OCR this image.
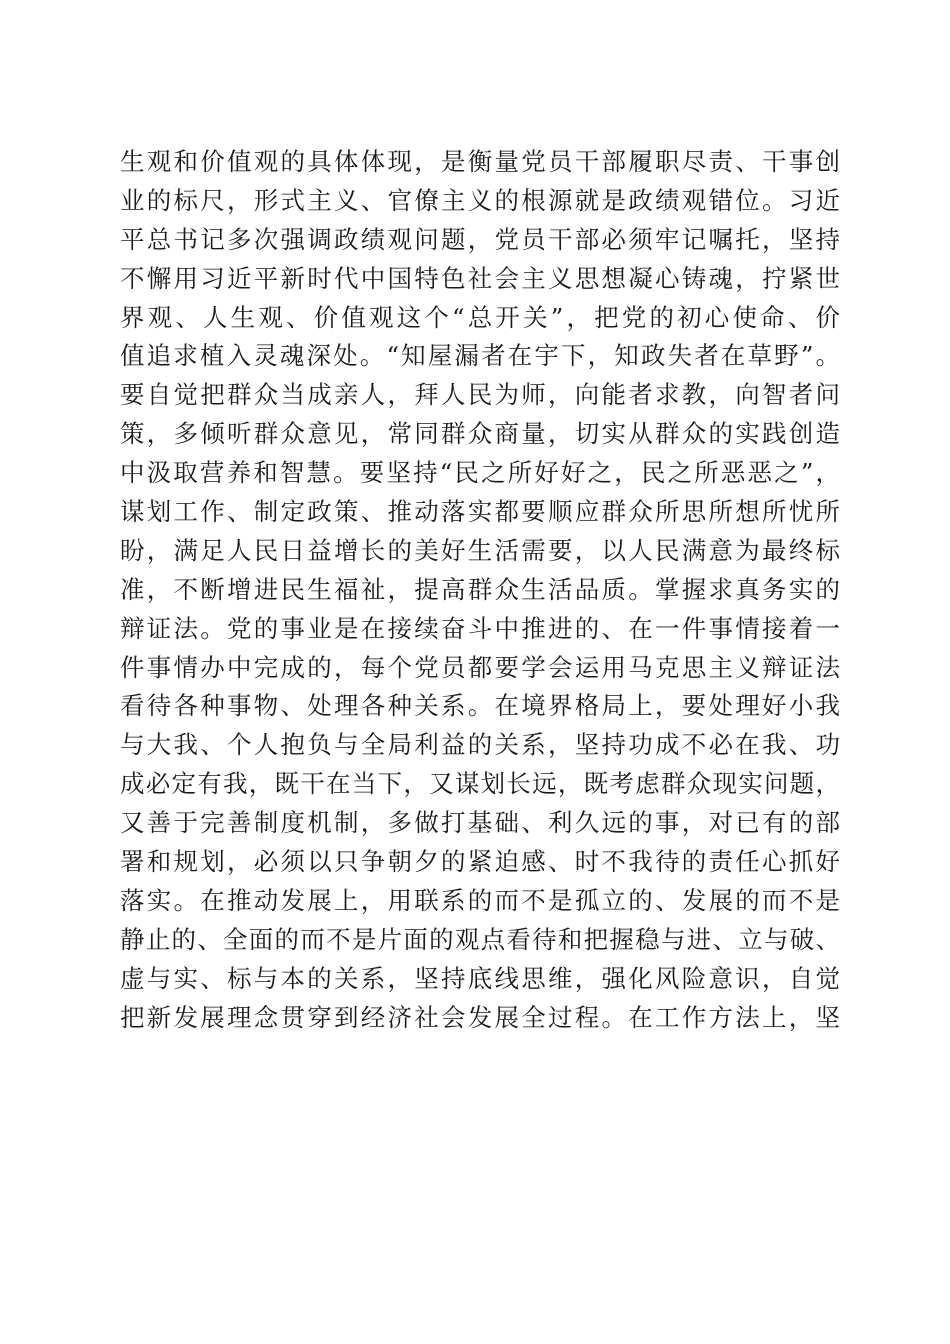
生观和价值观的具体体现，是衡量党员干部履职尽责、干事创
业的标尺，形式主义、官僚主义的根源就是政绩观错位。习近
平总书记多次强调政绩观问题，党员干部必须牢记嘱托，坚持
不懈用习近平新时代中国特色社会主义思想凝心铸魂，拧紧世
界观、人生观、价值观这个“总开关”，把党的初心使命、价
值追求植入灵魂深处。“知屋漏者在宇下，知政失者在草野”。
要自觉把群众当成亲人，拜人民为师，向能者求教，向智者问
策，多倾听群众意见，常同群众商量，切实从群众的实践创造
中汲取营养和智慧。要坚持“民之所好好之，民之所恶恶之”，
谋划工作、制定政策、推动落实都要顺应群众所思所想所忧所
盼，满足人民日益增长的美好生活需要，以人民满意为最终标
准，不断增进民生福祉，提高群众生活品质。掌握求真务实的
辩证法。党的事业是在接续奋斗中推进的、在一件事情接着一
件事情办中完成的，每个党员都要学会运用马克思主义辩证法
看待各种事物、处理各种关系。在境界格局上，要处理好小我
与大我、个人抱负与全局利益的关系，坚持功成不必在我、功
成必定有我，既干在当下，又谋划长远，既考虑群众现实问题，
又善于完善制度机制，多做打基础、利久远的事，对已有的部
署和规划，必须以只争朝夕的紧迫感、时不我待的责任心抓好
落实。在推动发展上，用联系的而不是孤立的、发展的而不是
静止的、全面的而不是片面的观点看待和把握稳与进、立与破、
虚与实、标与本的关系，坚持底线思维，强化风险意识，自觉
把新发展理念贯穿到经济社会发展全过程。在工作方法上，坚
